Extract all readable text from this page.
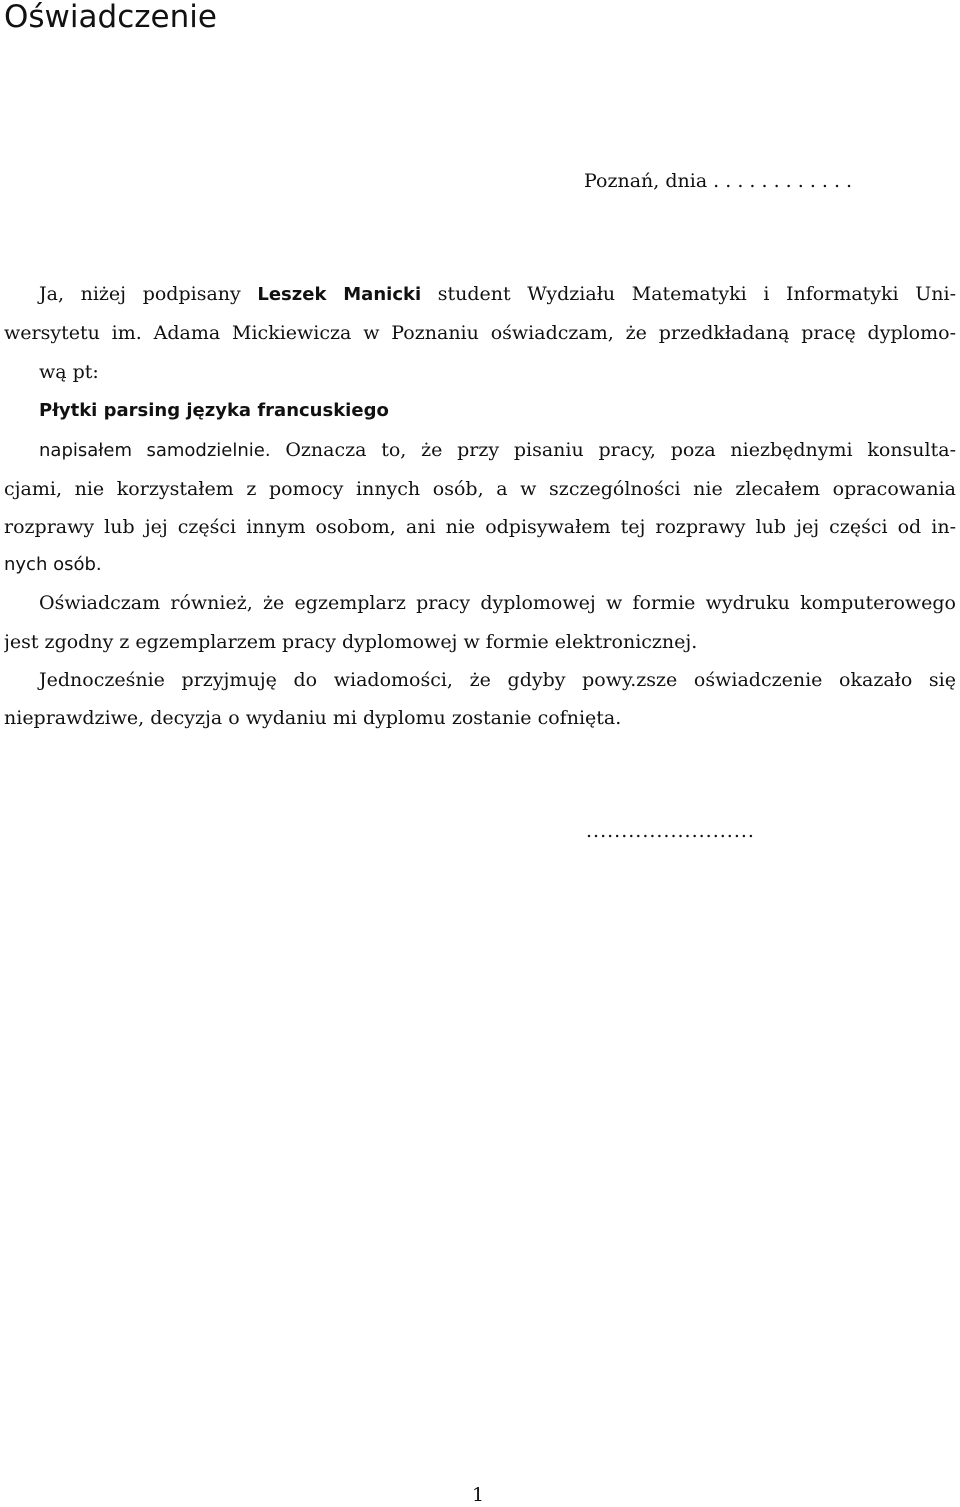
Oświadczenie
Poznań, dnia . . . . . . . . . . . .
Ja, niżej podpisany Leszek Manicki student Wydziału Matematyki i Informatyki Uni-
wersytetu im. Adama Mickiewicza w Poznaniu oświadczam, że przedkładaną pracę dyplomo-
wą pt:
Płytki parsing języka francuskiego
napisałem samodzielnie. Oznacza to, że przy pisaniu pracy, poza niezbędnymi konsulta-
cjami, nie korzystałem z pomocy innych osób, a w szczególności nie zlecałem opracowania
rozprawy lub jej części innym osobom, ani nie odpisywałem tej rozprawy lub jej części od in-
nych osób.
Oświadczam również, że egzemplarz pracy dyplomowej w formie wydruku komputerowego
jest zgodny z egzemplarzem pracy dyplomowej w formie elektronicznej.
Jednocześnie przyjmuję do wiadomości, że gdyby powy.zsze oświadczenie okazało się
nieprawdziwe, decyzja o wydaniu mi dyplomu zostanie cofnięta.
........................
1
